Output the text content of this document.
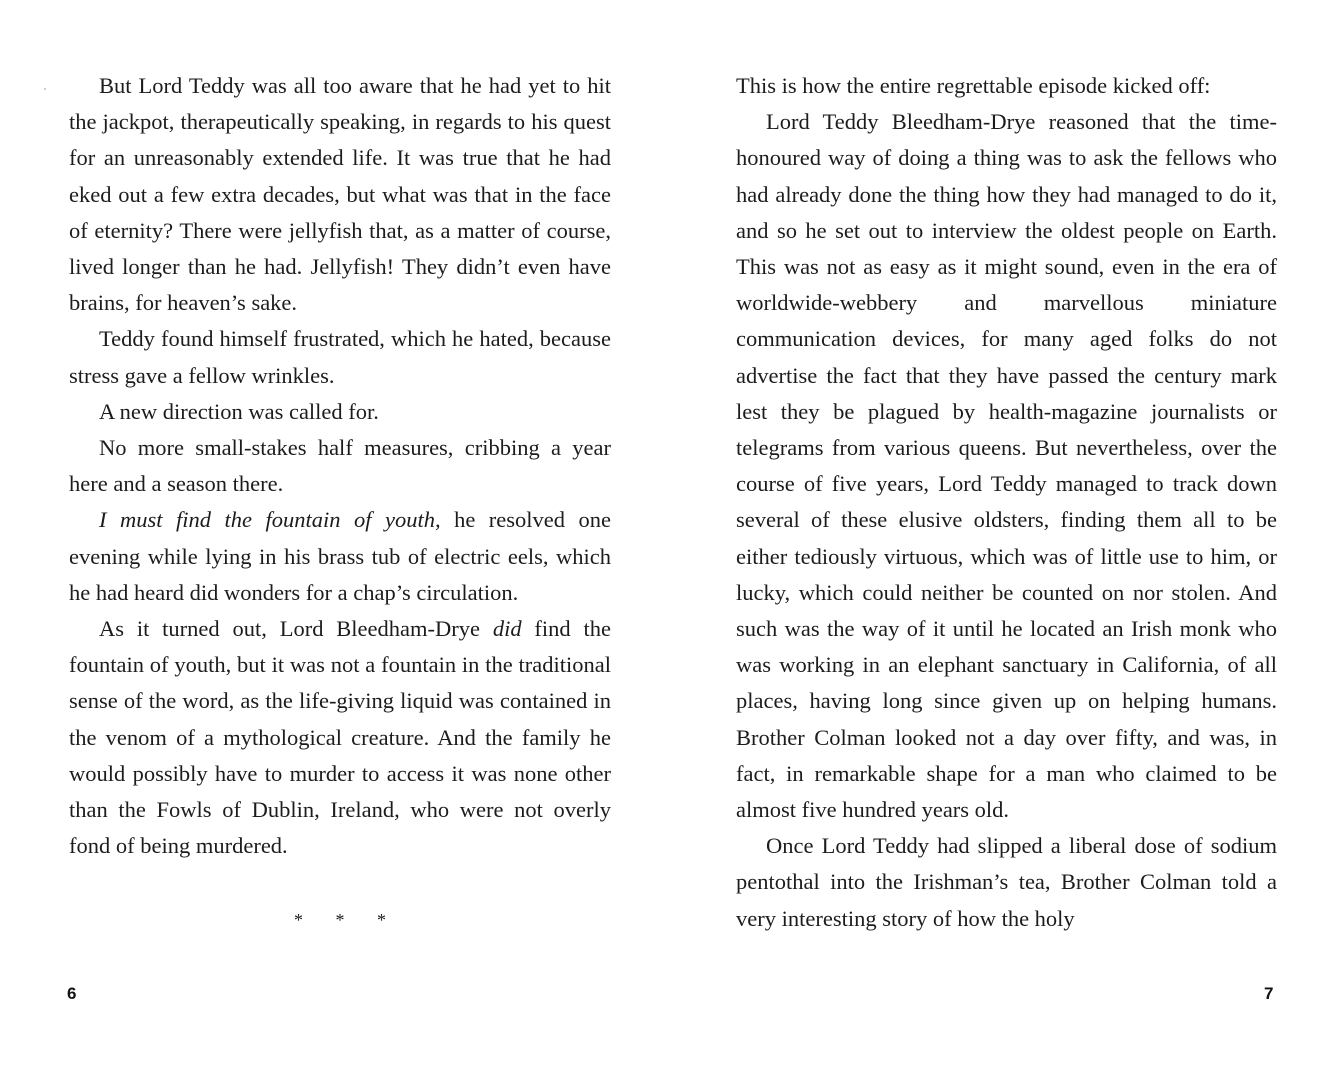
But Lord Teddy was all too aware that he had yet to hit the jackpot, therapeutically speaking, in regards to his quest for an unreasonably extended life. It was true that he had eked out a few extra decades, but what was that in the face of eternity? There were jellyfish that, as a matter of course, lived longer than he had. Jellyfish! They didn’t even have brains, for heaven’s sake.

Teddy found himself frustrated, which he hated, because stress gave a fellow wrinkles.

A new direction was called for.

No more small-stakes half measures, cribbing a year here and a season there.

I must find the fountain of youth, he resolved one evening while lying in his brass tub of electric eels, which he had heard did wonders for a chap’s circulation.

As it turned out, Lord Bleedham-Drye did find the fountain of youth, but it was not a fountain in the traditional sense of the word, as the life-giving liquid was contained in the venom of a mythological creature. And the family he would possibly have to murder to access it was none other than the Fowls of Dublin, Ireland, who were not overly fond of being murdered.

* * *
6

This is how the entire regrettable episode kicked off:

Lord Teddy Bleedham-Drye reasoned that the time-honoured way of doing a thing was to ask the fellows who had already done the thing how they had managed to do it, and so he set out to interview the oldest people on Earth. This was not as easy as it might sound, even in the era of worldwide-webbery and marvellous miniature communication devices, for many aged folks do not advertise the fact that they have passed the century mark lest they be plagued by health-magazine journalists or telegrams from various queens. But nevertheless, over the course of five years, Lord Teddy managed to track down several of these elusive oldsters, finding them all to be either tediously virtuous, which was of little use to him, or lucky, which could neither be counted on nor stolen. And such was the way of it until he located an Irish monk who was working in an elephant sanctuary in California, of all places, having long since given up on helping humans. Brother Colman looked not a day over fifty, and was, in fact, in remarkable shape for a man who claimed to be almost five hundred years old.

Once Lord Teddy had slipped a liberal dose of sodium pentothal into the Irishman’s tea, Brother Colman told a very interesting story of how the holy

7
